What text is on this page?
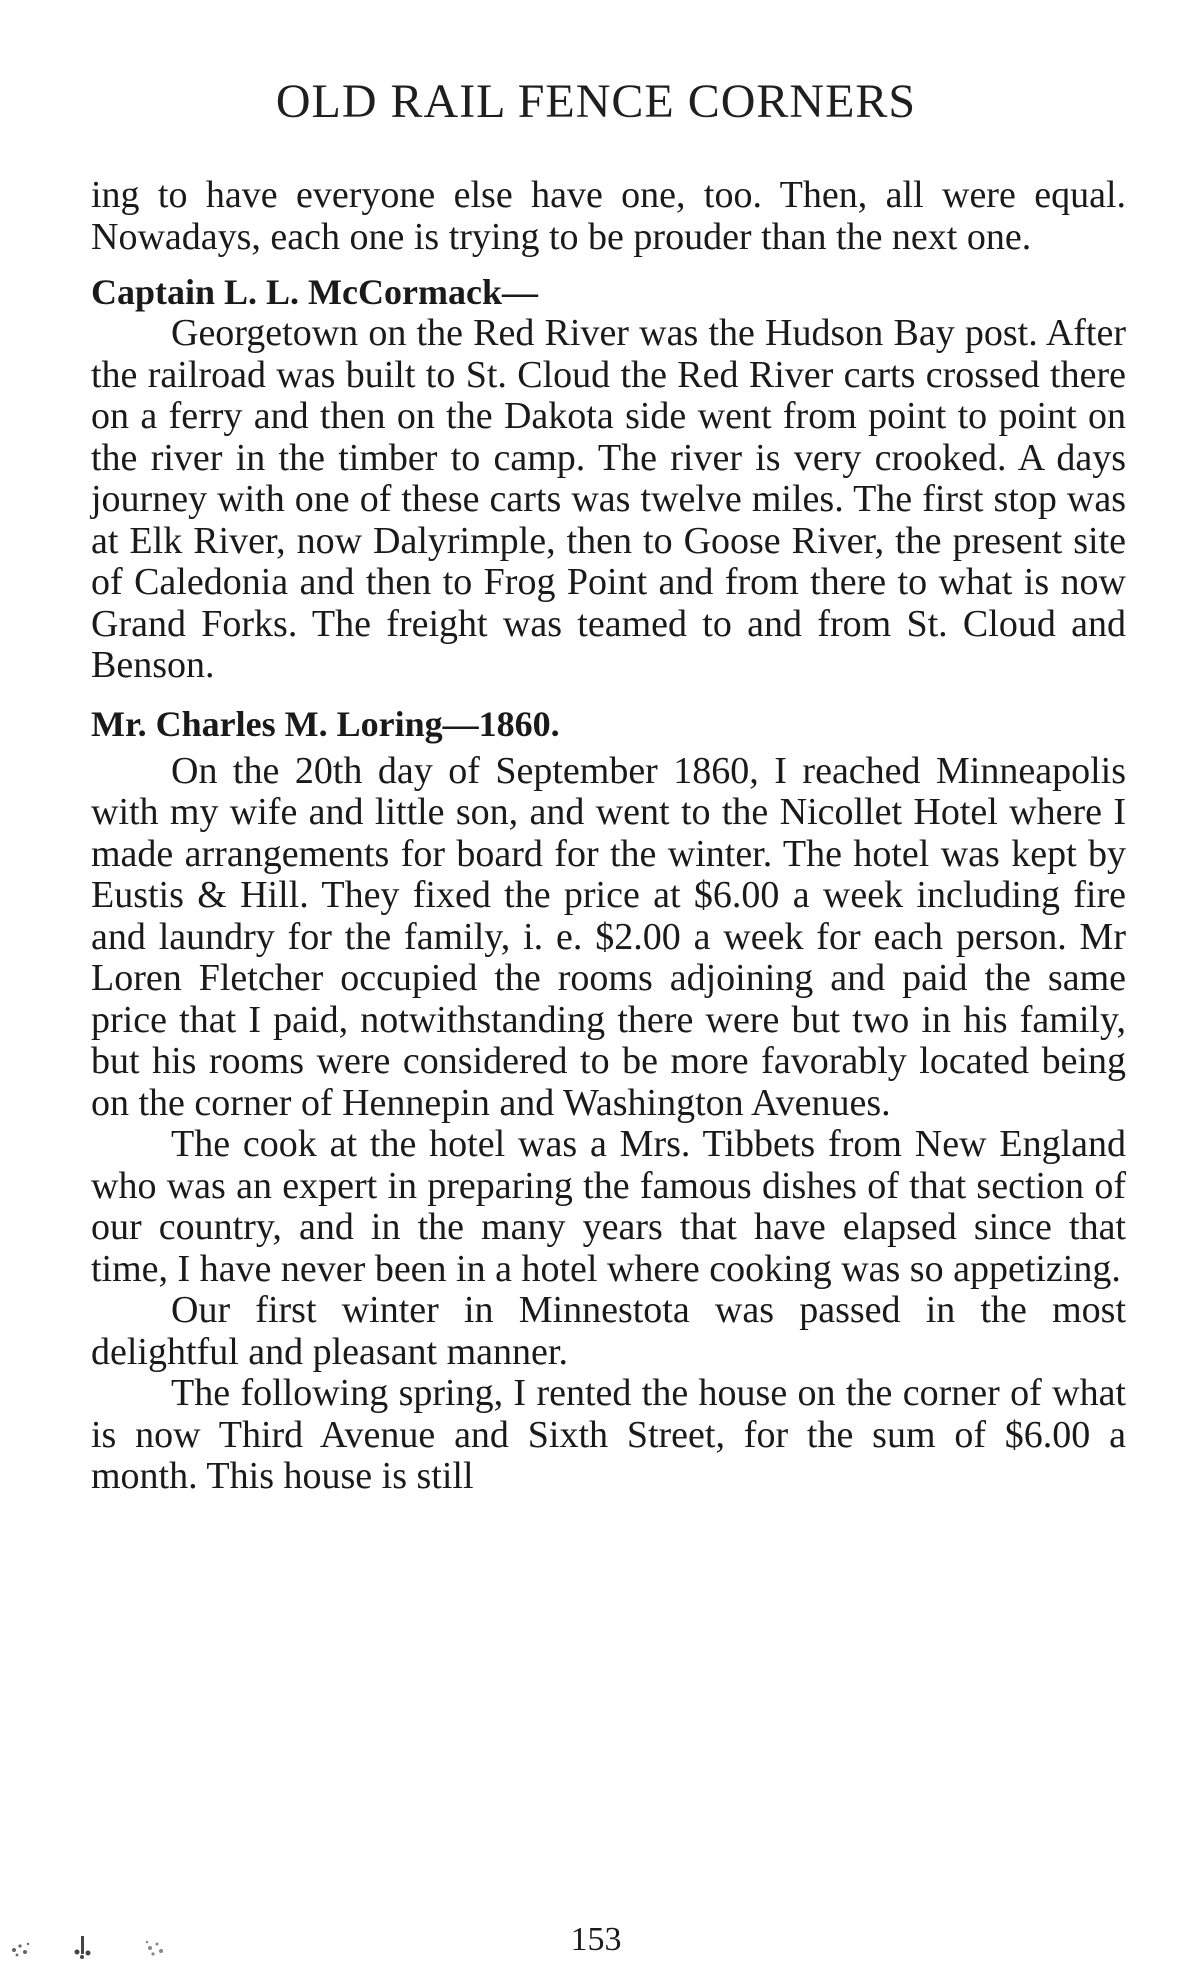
OLD RAIL FENCE CORNERS

ing to have everyone else have one, too. Then, all were equal. Nowadays, each one is trying to be prouder than the next one.

Captain L. L. McCormack—

Georgetown on the Red River was the Hudson Bay post. After the railroad was built to St. Cloud the Red River carts crossed there on a ferry and then on the Dakota side went from point to point on the river in the timber to camp. The river is very crooked. A days journey with one of these carts was twelve miles. The first stop was at Elk River, now Dalyrimple, then to Goose River, the present site of Caledonia and then to Frog Point and from there to what is now Grand Forks. The freight was teamed to and from St. Cloud and Benson.

Mr. Charles M. Loring—1860.

On the 20th day of September 1860, I reached Minneapolis with my wife and little son, and went to the Nicollet Hotel where I made arrangements for board for the winter. The hotel was kept by Eustis & Hill. They fixed the price at $6.00 a week including fire and laundry for the family, i. e. $2.00 a week for each person. Mr Loren Fletcher occupied the rooms adjoining and paid the same price that I paid, notwithstanding there were but two in his family, but his rooms were considered to be more favorably located being on the corner of Hennepin and Washington Avenues.

The cook at the hotel was a Mrs. Tibbets from New England who was an expert in preparing the famous dishes of that section of our country, and in the many years that have elapsed since that time, I have never been in a hotel where cooking was so appetizing.

Our first winter in Minnestota was passed in the most delightful and pleasant manner.

The following spring, I rented the house on the corner of what is now Third Avenue and Sixth Street, for the sum of $6.00 a month. This house is still

153
